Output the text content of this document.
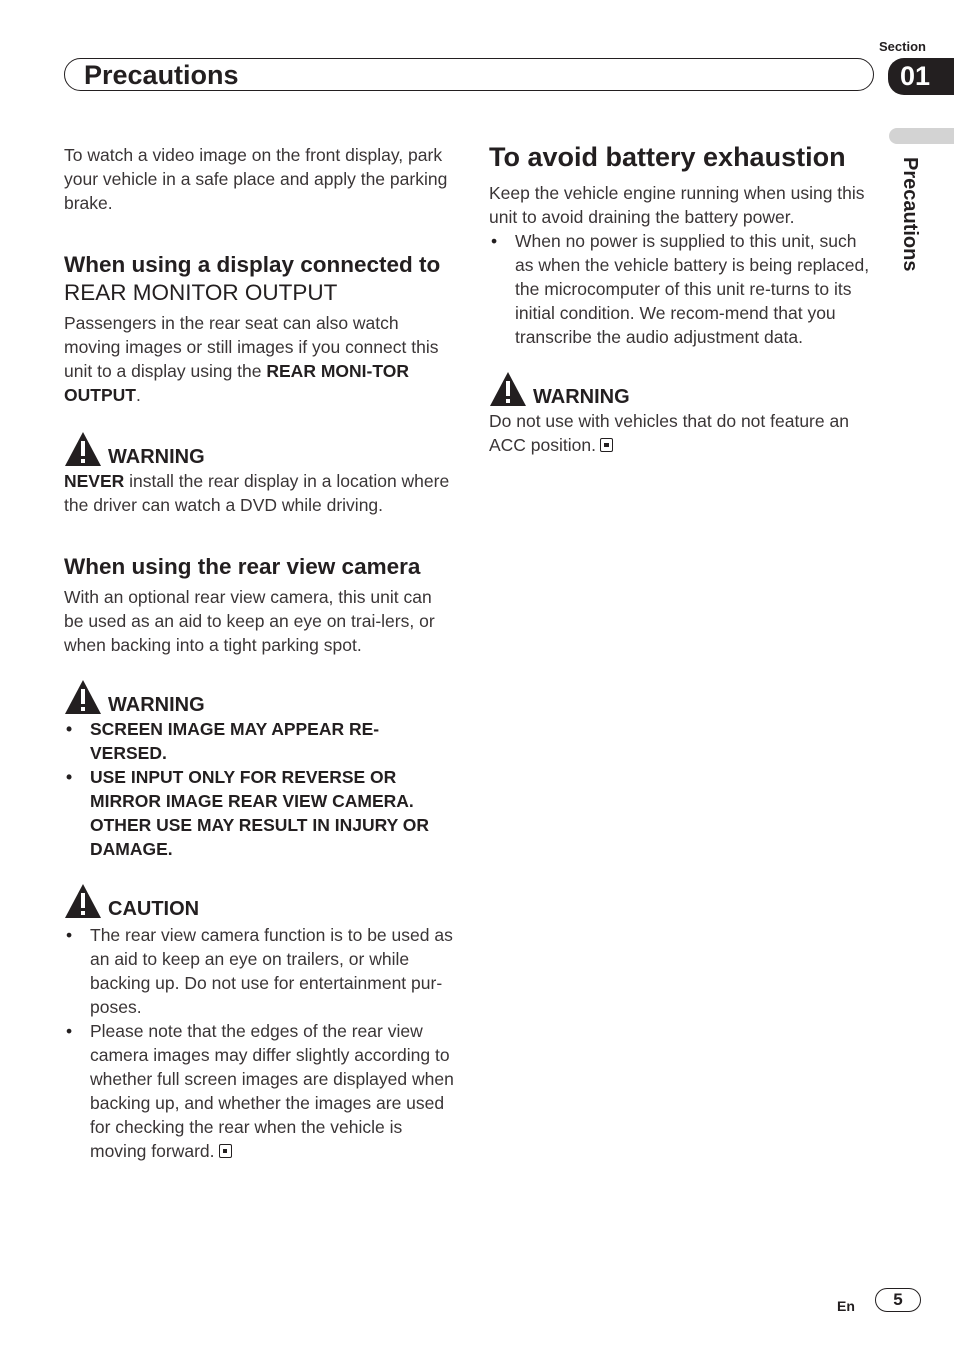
Section
Precautions	01
Precautions

To watch a video image on the front display, park your vehicle in a safe place and apply the parking brake.

When using a display connected to REAR MONITOR OUTPUT

Passengers in the rear seat can also watch moving images or still images if you connect this unit to a display using the REAR MONI-TOR OUTPUT.

WARNING

NEVER install the rear display in a location where the driver can watch a DVD while driving.

When using the rear view camera

With an optional rear view camera, this unit can be used as an aid to keep an eye on trai-lers, or when backing into a tight parking spot.

WARNING
• SCREEN IMAGE MAY APPEAR RE-VERSED.
• USE INPUT ONLY FOR REVERSE OR MIRROR IMAGE REAR VIEW CAMERA. OTHER USE MAY RESULT IN INJURY OR DAMAGE.
CAUTION
• The rear view camera function is to be used as an aid to keep an eye on trailers, or while backing up. Do not use for entertainment pur-poses.
• Please note that the edges of the rear view camera images may differ slightly according to whether full screen images are displayed when backing up, and whether the images are used for checking the rear when the vehicle is moving forward.
To avoid battery exhaustion

Keep the vehicle engine running when using this unit to avoid draining the battery power.

• When no power is supplied to this unit, such as when the vehicle battery is being replaced, the microcomputer of this unit re-turns to its initial condition. We recom-mend that you transcribe the audio adjustment data.
WARNING

Do not use with vehicles that do not feature an ACC position.

En	5
